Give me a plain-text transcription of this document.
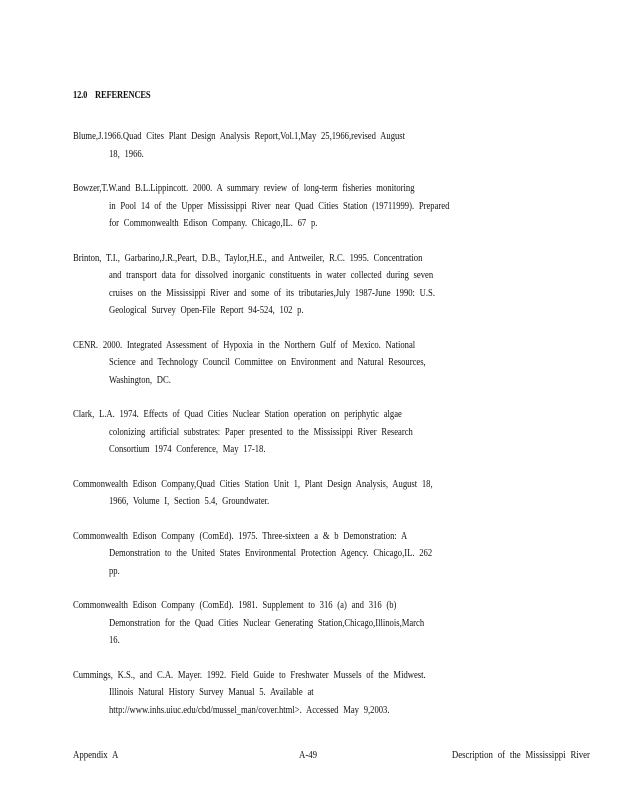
12.0 REFERENCES
Blume,J.1966.Quad Cites Plant Design Analysis Report,Vol.1,May 25,1966,revised August
18, 1966.
Bowzer,T.W.and B.L.Lippincott. 2000. A summary review of long-term fisheries monitoring
in Pool 14 of the Upper Mississippi River near Quad Cities Station (19711999). Prepared
for Commonwealth Edison Company. Chicago,IL. 67 p.
Brinton, T.I., Garbarino,J.R.,Peart, D.B., Taylor,H.E., and Antweiler, R.C. 1995. Concentration
and transport data for dissolved inorganic constituents in water collected during seven
cruises on the Mississippi River and some of its tributaries,July 1987-June 1990: U.S.
Geological Survey Open-File Report 94-524, 102 p.
CENR. 2000. Integrated Assessment of Hypoxia in the Northern Gulf of Mexico. National
Science and Technology Council Committee on Environment and Natural Resources,
Washington, DC.
Clark, L.A. 1974. Effects of Quad Cities Nuclear Station operation on periphytic algae
colonizing artificial substrates: Paper presented to the Mississippi River Research
Consortium 1974 Conference, May 17-18.
Commonwealth Edison Company,Quad Cities Station Unit 1, Plant Design Analysis, August 18,
1966, Volume I, Section 5.4, Groundwater.
Commonwealth Edison Company (ComEd). 1975. Three-sixteen a & b Demonstration: A
Demonstration to the United States Environmental Protection Agency. Chicago,IL. 262
pp.
Commonwealth Edison Company (ComEd). 1981. Supplement to 316 (a) and 316 (b)
Demonstration for the Quad Cities Nuclear Generating Station,Chicago,Illinois,March
16.
Cummings, K.S., and C.A. Mayer. 1992. Field Guide to Freshwater Mussels of the Midwest.
Illinois Natural History Survey Manual 5. Available at
http://www.inhs.uiuc.edu/cbd/mussel_man/cover.html>. Accessed May 9,2003.
Appendix A	A-49	Description of the Mississippi River
